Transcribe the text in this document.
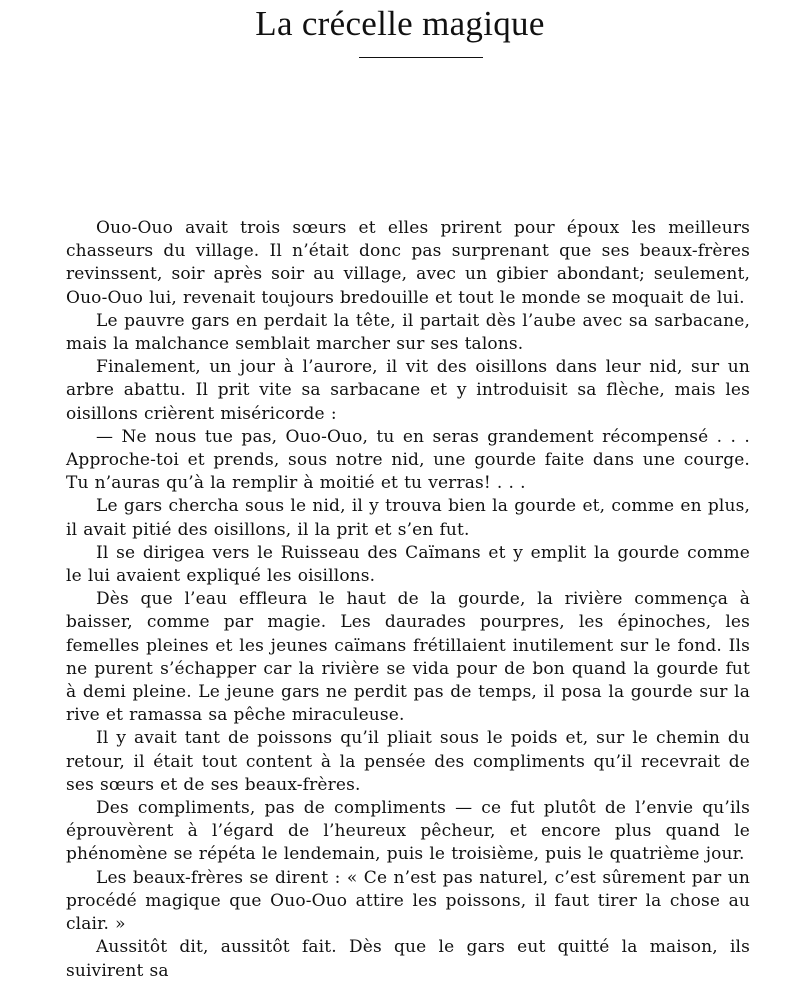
La crécelle magique

Ouo-Ouo avait trois sœurs et elles prirent pour époux les meilleurs chasseurs du village. Il n’était donc pas surprenant que ses beaux-frères revinssent, soir après soir au village, avec un gibier abondant; seulement, Ouo-Ouo lui, revenait toujours bredouille et tout le monde se moquait de lui.

Le pauvre gars en perdait la tête, il partait dès l’aube avec sa sarbacane, mais la malchance semblait marcher sur ses talons.

Finalement, un jour à l’aurore, il vit des oisillons dans leur nid, sur un arbre abattu. Il prit vite sa sarbacane et y introduisit sa flèche, mais les oisillons crièrent miséricorde :

— Ne nous tue pas, Ouo-Ouo, tu en seras grandement récompensé . . . Approche-toi et prends, sous notre nid, une gourde faite dans une courge. Tu n’auras qu’à la remplir à moitié et tu verras! . . .

Le gars chercha sous le nid, il y trouva bien la gourde et, comme en plus, il avait pitié des oisillons, il la prit et s’en fut.

Il se dirigea vers le Ruisseau des Caïmans et y emplit la gourde comme le lui avaient expliqué les oisillons.

Dès que l’eau effleura le haut de la gourde, la rivière commença à baisser, comme par magie. Les daurades pourpres, les épinoches, les femelles pleines et les jeunes caïmans frétillaient inutilement sur le fond. Ils ne purent s’échapper car la rivière se vida pour de bon quand la gourde fut à demi pleine. Le jeune gars ne perdit pas de temps, il posa la gourde sur la rive et ramassa sa pêche miraculeuse.

Il y avait tant de poissons qu’il pliait sous le poids et, sur le chemin du retour, il était tout content à la pensée des compliments qu’il recevrait de ses sœurs et de ses beaux-frères.

Des compliments, pas de compliments — ce fut plutôt de l’envie qu’ils éprouvèrent à l’égard de l’heureux pêcheur, et encore plus quand le phénomène se répéta le lendemain, puis le troisième, puis le quatrième jour.

Les beaux-frères se dirent : « Ce n’est pas naturel, c’est sûrement par un procédé magique que Ouo-Ouo attire les poissons, il faut tirer la chose au clair. »

Aussitôt dit, aussitôt fait. Dès que le gars eut quitté la maison, ils suivirent sa
